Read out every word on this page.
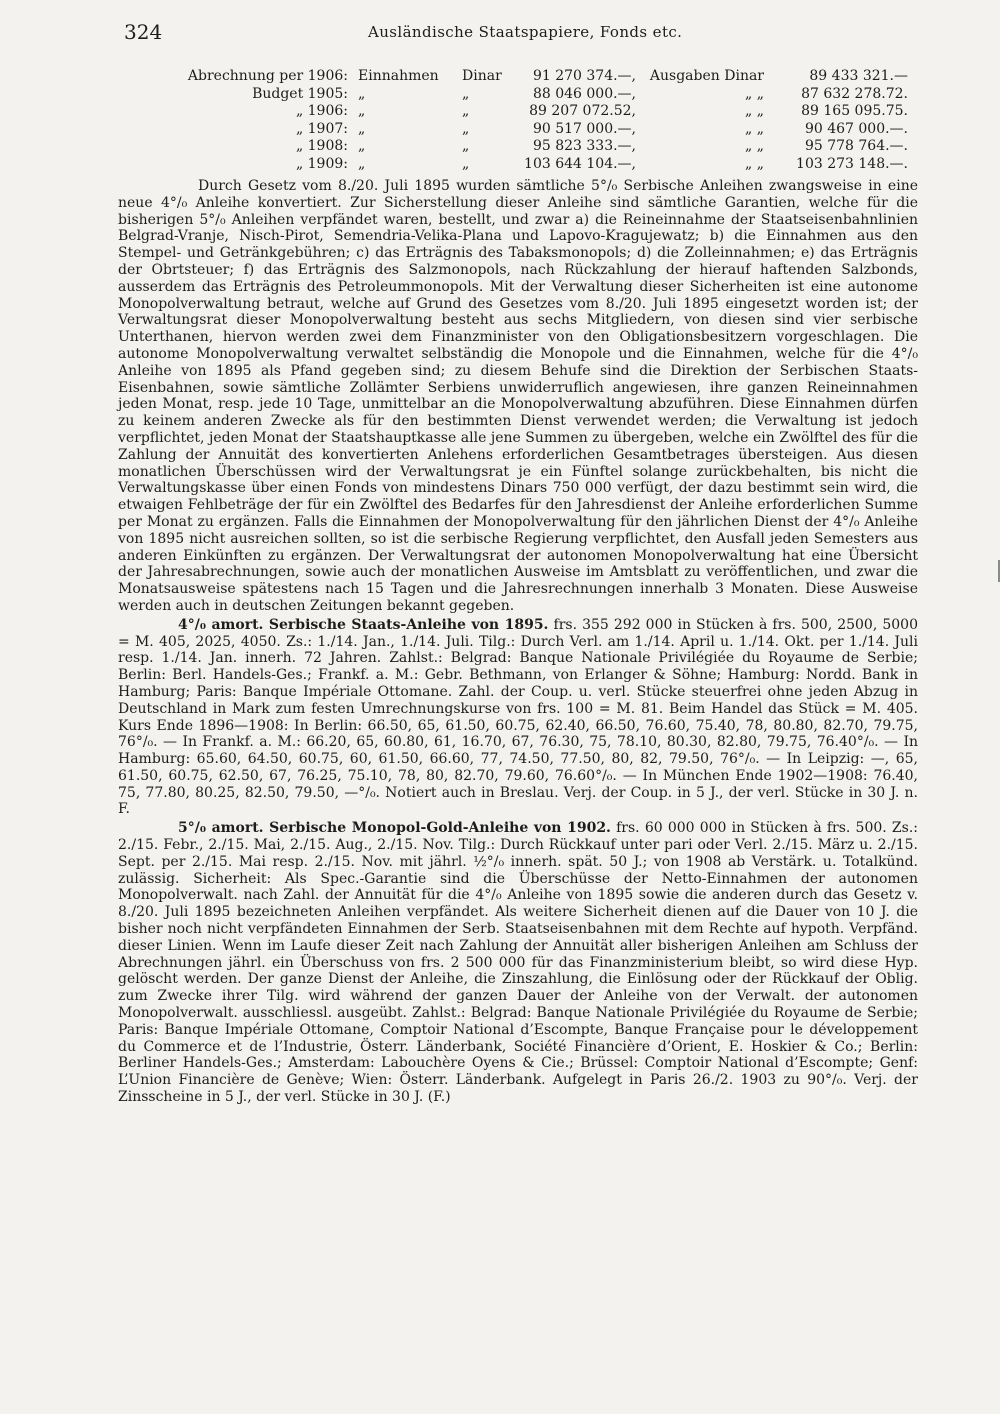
324	Ausländische Staatspapiere, Fonds etc.
Abrechnung per 1906:	Einnahmen	Dinar	91 270 374.—,	Ausgaben Dinar	89 433 321.—
Budget 1905:	„	„	88 046 000.—,	„ „	87 632 278.72.
„ 1906:	„	„	89 207 072.52,	„ „	89 165 095.75.
„ 1907:	„	„	90 517 000.—,	„ „	90 467 000.—.
„ 1908:	„	„	95 823 333.—,	„ „	95 778 764.—.
„ 1909:	„	„	103 644 104.—,	„ „	103 273 148.—.

Durch Gesetz vom 8./20. Juli 1895 wurden sämtliche 5°/₀ Serbische Anleihen zwangsweise in eine neue 4°/₀ Anleihe konvertiert. Zur Sicherstellung dieser Anleihe sind sämtliche Garantien, welche für die bisherigen 5°/₀ Anleihen verpfändet waren, bestellt, und zwar a) die Reineinnahme der Staatseisenbahnlinien Belgrad-Vranje, Nisch-Pirot, Semendria-Velika-Plana und Lapovo-Kragujewatz; b) die Einnahmen aus den Stempel- und Getränkgebühren; c) das Erträgnis des Tabaksmonopols; d) die Zolleinnahmen; e) das Erträgnis der Obrtsteuer; f) das Erträgnis des Salzmonopols, nach Rückzahlung der hierauf haftenden Salzbonds, ausserdem das Erträgnis des Petroleummonopols. Mit der Verwaltung dieser Sicherheiten ist eine autonome Monopolverwaltung betraut, welche auf Grund des Gesetzes vom 8./20. Juli 1895 eingesetzt worden ist; der Verwaltungsrat dieser Monopolverwaltung besteht aus sechs Mitgliedern, von diesen sind vier serbische Unterthanen, hiervon werden zwei dem Finanzminister von den Obligationsbesitzern vorgeschlagen. Die autonome Monopolverwaltung verwaltet selbständig die Monopole und die Einnahmen, welche für die 4°/₀ Anleihe von 1895 als Pfand gegeben sind; zu diesem Behufe sind die Direktion der Serbischen Staats-Eisenbahnen, sowie sämtliche Zollämter Serbiens unwiderruflich angewiesen, ihre ganzen Reineinnahmen jeden Monat, resp. jede 10 Tage, unmittelbar an die Monopolverwaltung abzuführen. Diese Einnahmen dürfen zu keinem anderen Zwecke als für den bestimmten Dienst verwendet werden; die Verwaltung ist jedoch verpflichtet, jeden Monat der Staatshauptkasse alle jene Summen zu übergeben, welche ein Zwölftel des für die Zahlung der Annuität des konvertierten Anlehens erforderlichen Gesamtbetrages übersteigen. Aus diesen monatlichen Überschüssen wird der Verwaltungsrat je ein Fünftel solange zurückbehalten, bis nicht die Verwaltungskasse über einen Fonds von mindestens Dinars 750 000 verfügt, der dazu bestimmt sein wird, die etwaigen Fehlbeträge der für ein Zwölftel des Bedarfes für den Jahresdienst der Anleihe erforderlichen Summe per Monat zu ergänzen. Falls die Einnahmen der Monopolverwaltung für den jährlichen Dienst der 4°/₀ Anleihe von 1895 nicht ausreichen sollten, so ist die serbische Regierung verpflichtet, den Ausfall jeden Semesters aus anderen Einkünften zu ergänzen. Der Verwaltungsrat der autonomen Monopolverwaltung hat eine Übersicht der Jahresabrechnungen, sowie auch der monatlichen Ausweise im Amtsblatt zu veröffentlichen, und zwar die Monatsausweise spätestens nach 15 Tagen und die Jahresrechnungen innerhalb 3 Monaten. Diese Ausweise werden auch in deutschen Zeitungen bekannt gegeben.

4°/₀ amort. Serbische Staats-Anleihe von 1895. frs. 355 292 000 in Stücken à frs. 500, 2500, 5000 = M. 405, 2025, 4050. Zs.: 1./14. Jan., 1./14. Juli. Tilg.: Durch Verl. am 1./14. April u. 1./14. Okt. per 1./14. Juli resp. 1./14. Jan. innerh. 72 Jahren. Zahlst.: Belgrad: Banque Nationale Privilégiée du Royaume de Serbie; Berlin: Berl. Handels-Ges.; Frankf. a. M.: Gebr. Bethmann, von Erlanger & Söhne; Hamburg: Nordd. Bank in Hamburg; Paris: Banque Impériale Ottomane. Zahl. der Coup. u. verl. Stücke steuerfrei ohne jeden Abzug in Deutschland in Mark zum festen Umrechnungskurse von frs. 100 = M. 81. Beim Handel das Stück = M. 405. Kurs Ende 1896—1908: In Berlin: 66.50, 65, 61.50, 60.75, 62.40, 66.50, 76.60, 75.40, 78, 80.80, 82.70, 79.75, 76°/₀. — In Frankf. a. M.: 66.20, 65, 60.80, 61, 16.70, 67, 76.30, 75, 78.10, 80.30, 82.80, 79.75, 76.40°/₀. — In Hamburg: 65.60, 64.50, 60.75, 60, 61.50, 66.60, 77, 74.50, 77.50, 80, 82, 79.50, 76°/₀. — In Leipzig: —, 65, 61.50, 60.75, 62.50, 67, 76.25, 75.10, 78, 80, 82.70, 79.60, 76.60°/₀. — In München Ende 1902—1908: 76.40, 75, 77.80, 80.25, 82.50, 79.50, —°/₀. Notiert auch in Breslau. Verj. der Coup. in 5 J., der verl. Stücke in 30 J. n. F.

5°/₀ amort. Serbische Monopol-Gold-Anleihe von 1902. frs. 60 000 000 in Stücken à frs. 500. Zs.: 2./15. Febr., 2./15. Mai, 2./15. Aug., 2./15. Nov. Tilg.: Durch Rückkauf unter pari oder Verl. 2./15. März u. 2./15. Sept. per 2./15. Mai resp. 2./15. Nov. mit jährl. ½°/₀ innerh. spät. 50 J.; von 1908 ab Verstärk. u. Totalkünd. zulässig. Sicherheit: Als Spec.-Garantie sind die Überschüsse der Netto-Einnahmen der autonomen Monopolverwalt. nach Zahl. der Annuität für die 4°/₀ Anleihe von 1895 sowie die anderen durch das Gesetz v. 8./20. Juli 1895 bezeichneten Anleihen verpfändet. Als weitere Sicherheit dienen auf die Dauer von 10 J. die bisher noch nicht verpfändeten Einnahmen der Serb. Staatseisenbahnen mit dem Rechte auf hypoth. Verpfänd. dieser Linien. Wenn im Laufe dieser Zeit nach Zahlung der Annuität aller bisherigen Anleihen am Schluss der Abrechnungen jährl. ein Überschuss von frs. 2 500 000 für das Finanzministerium bleibt, so wird diese Hyp. gelöscht werden. Der ganze Dienst der Anleihe, die Zinszahlung, die Einlösung oder der Rückkauf der Oblig. zum Zwecke ihrer Tilg. wird während der ganzen Dauer der Anleihe von der Verwalt. der autonomen Monopolverwalt. ausschliessl. ausgeübt. Zahlst.: Belgrad: Banque Nationale Privilégiée du Royaume de Serbie; Paris: Banque Impériale Ottomane, Comptoir National d’Escompte, Banque Française pour le développement du Commerce et de l’Industrie, Österr. Länderbank, Société Financière d’Orient, E. Hoskier & Co.; Berlin: Berliner Handels-Ges.; Amsterdam: Labouchère Oyens & Cie.; Brüssel: Comptoir National d’Escompte; Genf: L’Union Financière de Genève; Wien: Österr. Länderbank. Aufgelegt in Paris 26./2. 1903 zu 90°/₀. Verj. der Zinsscheine in 5 J., der verl. Stücke in 30 J. (F.)
